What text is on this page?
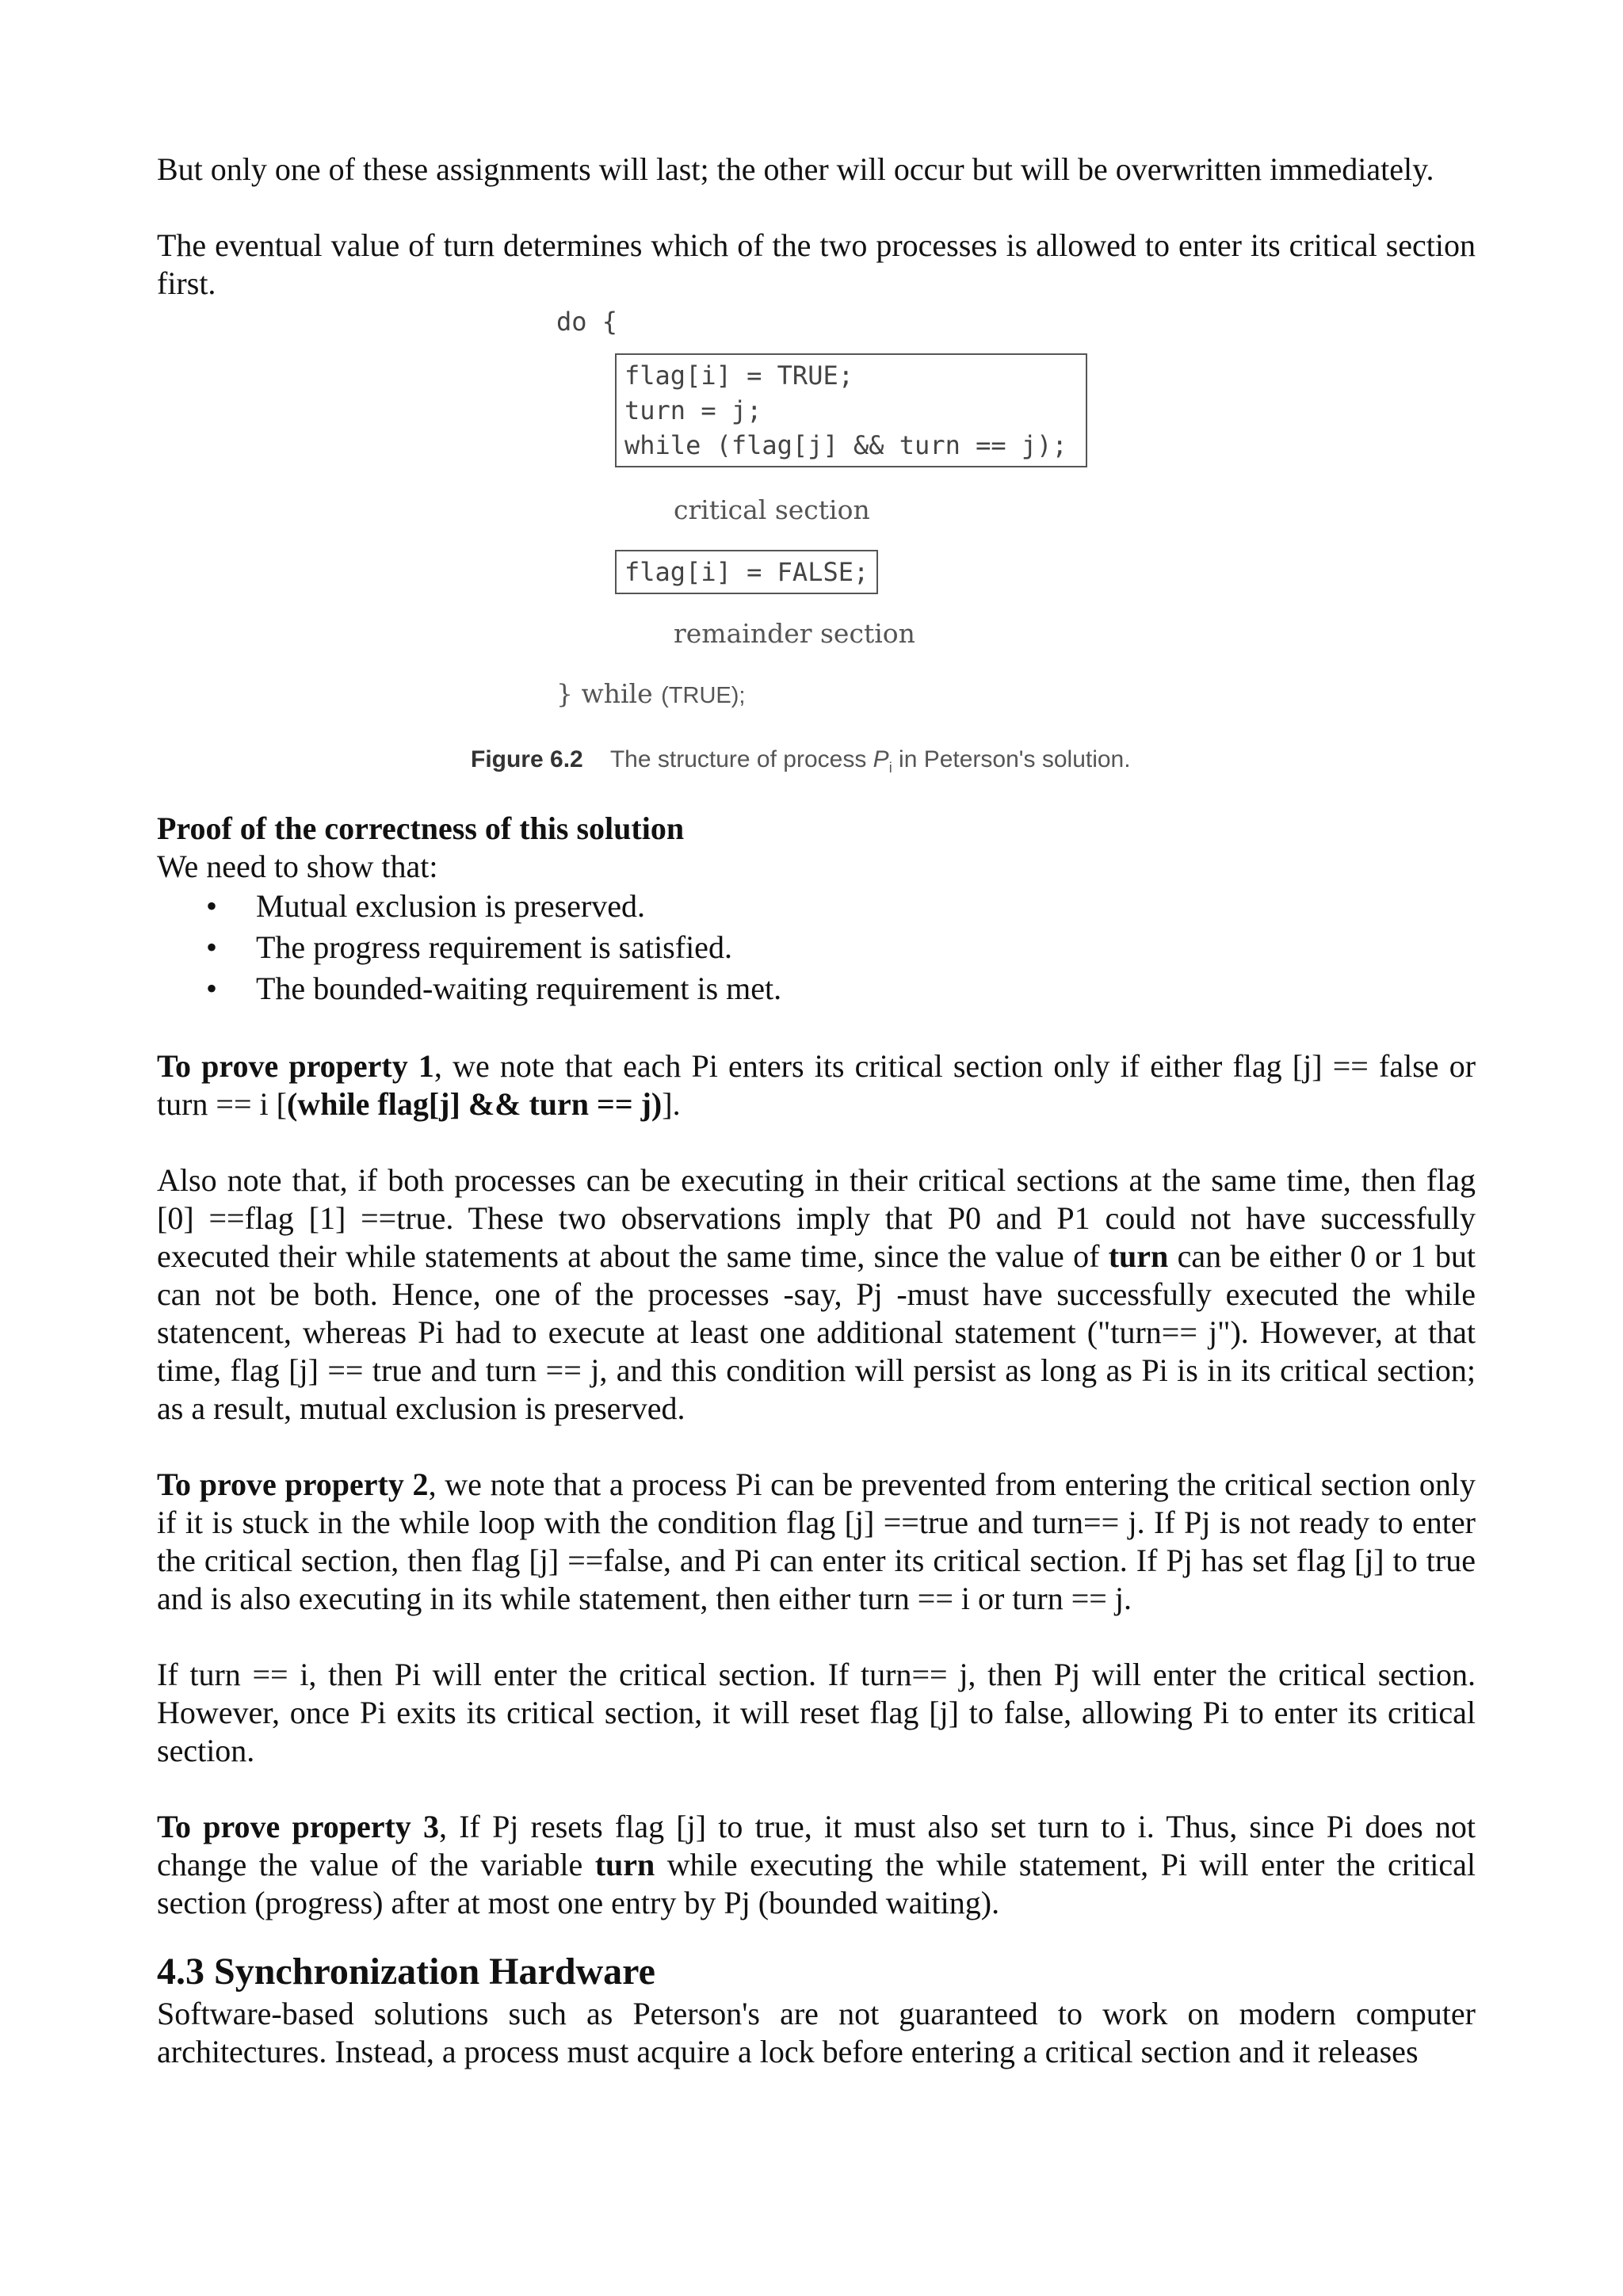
But only one of these assignments will last; the other will occur but will be overwritten immediately.

The eventual value of turn determines which of the two processes is allowed to enter its critical section first.

do {
flag[i] = TRUE;
turn = j;
while (flag[j] && turn == j);
critical section
flag[i] = FALSE;
remainder section
} while (TRUE);
Figure 6.2 The structure of process $P_i$ in Peterson's solution.

Proof of the correctness of this solution

We need to show that:

• Mutual exclusion is preserved.
• The progress requirement is satisfied.
• The bounded-waiting requirement is met.

To prove property 1, we note that each Pi enters its critical section only if either flag [j] == false or turn == i [(while flag[j] && turn == j)].

Also note that, if both processes can be executing in their critical sections at the same time, then flag [0] ==flag [1] ==true. These two observations imply that P0 and P1 could not have successfully executed their while statements at about the same time, since the value of turn can be either 0 or 1 but can not be both. Hence, one of the processes -say, Pj -must have successfully executed the while statencent, whereas Pi had to execute at least one additional statement ("turn== j"). However, at that time, flag [j] == true and turn == j, and this condition will persist as long as Pi is in its critical section; as a result, mutual exclusion is preserved.

To prove property 2, we note that a process Pi can be prevented from entering the critical section only if it is stuck in the while loop with the condition flag [j] ==true and turn== j. If Pj is not ready to enter the critical section, then flag [j] ==false, and Pi can enter its critical section. If Pj has set flag [j] to true and is also executing in its while statement, then either turn == i or turn == j.

If turn == i, then Pi will enter the critical section. If turn== j, then Pj will enter the critical section. However, once Pi exits its critical section, it will reset flag [j] to false, allowing Pi to enter its critical section.

To prove property 3, If Pj resets flag [j] to true, it must also set turn to i. Thus, since Pi does not change the value of the variable turn while executing the while statement, Pi will enter the critical section (progress) after at most one entry by Pj (bounded waiting).

4.3 Synchronization Hardware

Software-based solutions such as Peterson's are not guaranteed to work on modern computer architectures. Instead, a process must acquire a lock before entering a critical section and it releases
